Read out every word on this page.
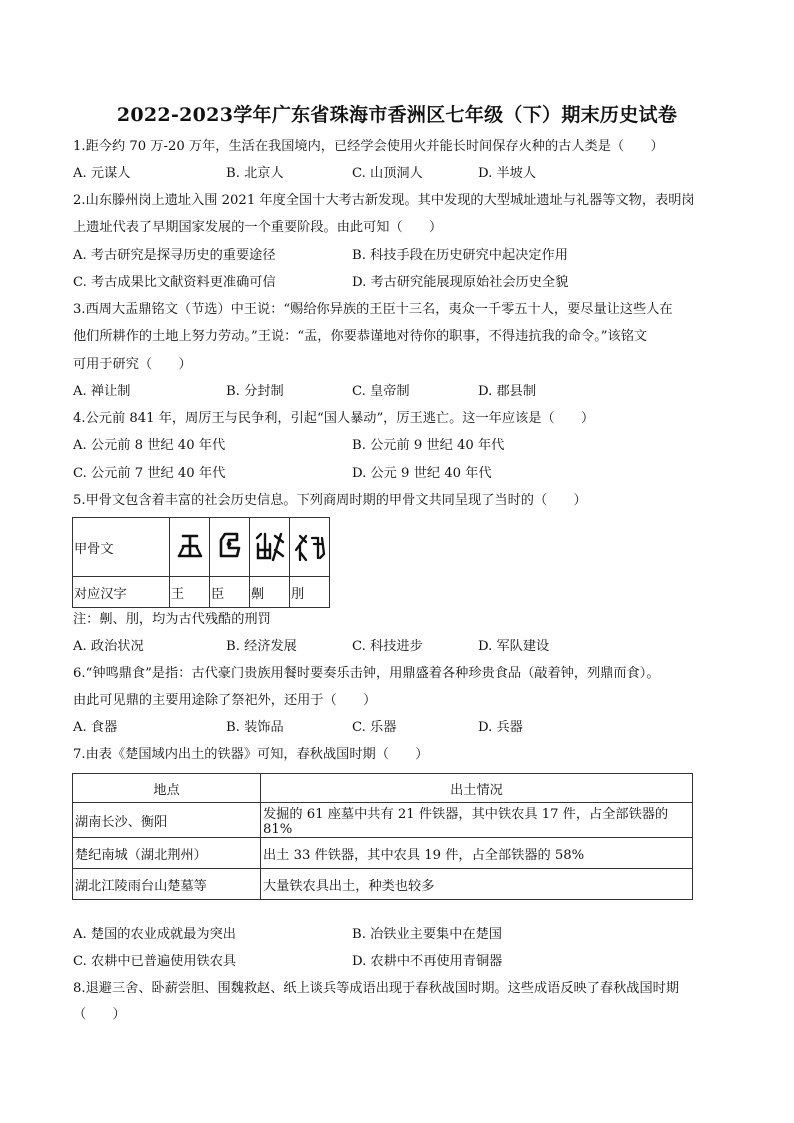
2022-2023学年广东省珠海市香洲区七年级（下）期末历史试卷
1.距今约 70 万-20 万年，生活在我国境内，已经学会使用火并能长时间保存火种的古人类是（　　）
A. 元谋人	B. 北京人	C. 山顶洞人	D. 半坡人
2.山东滕州岗上遗址入围 2021 年度全国十大考古新发现。其中发现的大型城址遗址与礼器等文物，表明岗
上遗址代表了早期国家发展的一个重要阶段。由此可知（　　）
A. 考古研究是探寻历史的重要途径	B. 科技手段在历史研究中起决定作用
C. 考古成果比文献资料更准确可信	D. 考古研究能展现原始社会历史全貌
3.西周大盂鼎铭文（节选）中王说：“赐给你异族的王臣十三名，夷众一千零五十人，要尽量让这些人在
他们所耕作的土地上努力劳动。”王说：“盂，你要恭谨地对待你的职事，不得违抗我的命令。”该铭文
可用于研究（　　）
A. 禅让制	B. 分封制	C. 皇帝制	D. 郡县制
4.公元前 841 年，周厉王与民争利，引起“国人暴动”，厉王逃亡。这一年应该是（　　）
A. 公元前 8 世纪 40 年代	B. 公元前 9 世纪 40 年代
C. 公元前 7 世纪 40 年代	D. 公元 9 世纪 40 年代
5.甲骨文包含着丰富的社会历史信息。下列商周时期的甲骨文共同呈现了当时的（　　）
甲骨文	

对应汉字	王	臣	劓	刖
注：劓、刖，均为古代残酷的刑罚
A. 政治状况	B. 经济发展	C. 科技进步	D. 军队建设
6.“钟鸣鼎食”是指：古代豪门贵族用餐时要奏乐击钟，用鼎盛着各种珍贵食品（敲着钟，列鼎而食）。
由此可见鼎的主要用途除了祭祀外，还用于（　　）
A. 食器	B. 装饰品	C. 乐器	D. 兵器
7.由表《楚国域内出土的铁器》可知，春秋战国时期（　　）
地点	出土情况
湖南长沙、衡阳	发掘的 61 座墓中共有 21 件铁器，其中铁农具 17 件，占全部铁器的 81%
楚纪南城（湖北荆州）	出土 33 件铁器，其中农具 19 件，占全部铁器的 58%
湖北江陵雨台山楚墓等	大量铁农具出土，种类也较多
A. 楚国的农业成就最为突出	B. 冶铁业主要集中在楚国
C. 农耕中已普遍使用铁农具	D. 农耕中不再使用青铜器
8.退避三舍、卧薪尝胆、围魏救赵、纸上谈兵等成语出现于春秋战国时期。这些成语反映了春秋战国时期
（　　）
